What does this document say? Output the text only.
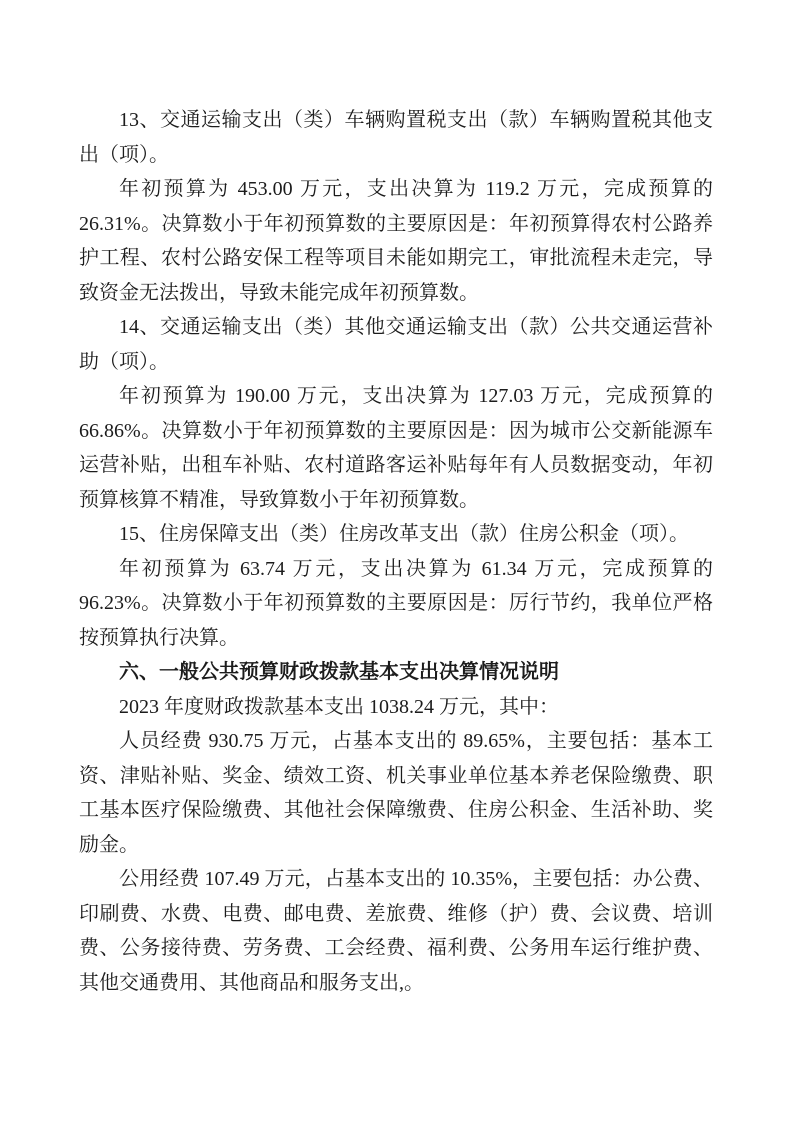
13、交通运输支出（类）车辆购置税支出（款）车辆购置税其他支出（项）。

年初预算为 453.00 万元，支出决算为 119.2 万元，完成预算的 26.31%。决算数小于年初预算数的主要原因是：年初预算得农村公路养护工程、农村公路安保工程等项目未能如期完工，审批流程未走完，导致资金无法拨出，导致未能完成年初预算数。

14、交通运输支出（类）其他交通运输支出（款）公共交通运营补助（项）。

年初预算为 190.00 万元，支出决算为 127.03 万元，完成预算的 66.86%。决算数小于年初预算数的主要原因是：因为城市公交新能源车运营补贴，出租车补贴、农村道路客运补贴每年有人员数据变动，年初预算核算不精准，导致算数小于年初预算数。

15、住房保障支出（类）住房改革支出（款）住房公积金（项）。

年初预算为 63.74 万元，支出决算为 61.34 万元，完成预算的 96.23%。决算数小于年初预算数的主要原因是：厉行节约，我单位严格按预算执行决算。

六、一般公共预算财政拨款基本支出决算情况说明

2023 年度财政拨款基本支出 1038.24 万元，其中：

人员经费 930.75 万元，占基本支出的 89.65%，主要包括：基本工资、津贴补贴、奖金、绩效工资、机关事业单位基本养老保险缴费、职工基本医疗保险缴费、其他社会保障缴费、住房公积金、生活补助、奖励金。

公用经费 107.49 万元，占基本支出的 10.35%，主要包括：办公费、印刷费、水费、电费、邮电费、差旅费、维修（护）费、会议费、培训费、公务接待费、劳务费、工会经费、福利费、公务用车运行维护费、其他交通费用、其他商品和服务支出,。
